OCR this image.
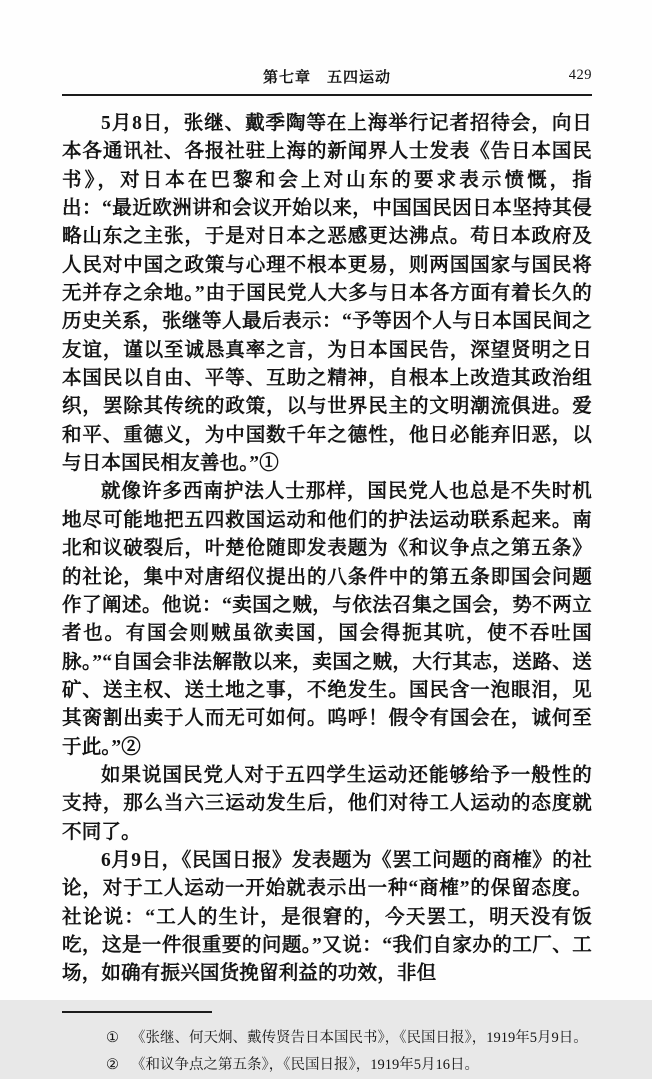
第七章　五四运动	429

5月8日，张继、戴季陶等在上海举行记者招待会，向日本各通讯社、各报社驻上海的新闻界人士发表《告日本国民书》，对日本在巴黎和会上对山东的要求表示愤慨，指出：“最近欧洲讲和会议开始以来，中国国民因日本坚持其侵略山东之主张，于是对日本之恶感更达沸点。苟日本政府及人民对中国之政策与心理不根本更易，则两国国家与国民将无并存之余地。”由于国民党人大多与日本各方面有着长久的历史关系，张继等人最后表示：“予等因个人与日本国民间之友谊，谨以至诚恳真率之言，为日本国民告，深望贤明之日本国民以自由、平等、互助之精神，自根本上改造其政治组织，罢除其传统的政策，以与世界民主的文明潮流俱进。爱和平、重德义，为中国数千年之德性，他日必能弃旧恶，以与日本国民相友善也。”①

就像许多西南护法人士那样，国民党人也总是不失时机地尽可能地把五四救国运动和他们的护法运动联系起来。南北和议破裂后，叶楚伧随即发表题为《和议争点之第五条》的社论，集中对唐绍仪提出的八条件中的第五条即国会问题作了阐述。他说：“卖国之贼，与依法召集之国会，势不两立者也。有国会则贼虽欲卖国，国会得扼其吭，使不吞吐国脉。”“自国会非法解散以来，卖国之贼，大行其志，送路、送矿、送主权、送土地之事，不绝发生。国民含一泡眼泪，见其脔割出卖于人而无可如何。呜呼！假令有国会在，诚何至于此。”②

如果说国民党人对于五四学生运动还能够给予一般性的支持，那么当六三运动发生后，他们对待工人运动的态度就不同了。

6月9日，《民国日报》发表题为《罢工问题的商榷》的社论，对于工人运动一开始就表示出一种“商榷”的保留态度。社论说：“工人的生计，是很窘的，今天罢工，明天没有饭吃，这是一件很重要的问题。”又说：“我们自家办的工厂、工场，如确有振兴国货挽留利益的功效，非但

① 《张继、何天炯、戴传贤告日本国民书》，《民国日报》，1919年5月9日。

② 《和议争点之第五条》，《民国日报》，1919年5月16日。
